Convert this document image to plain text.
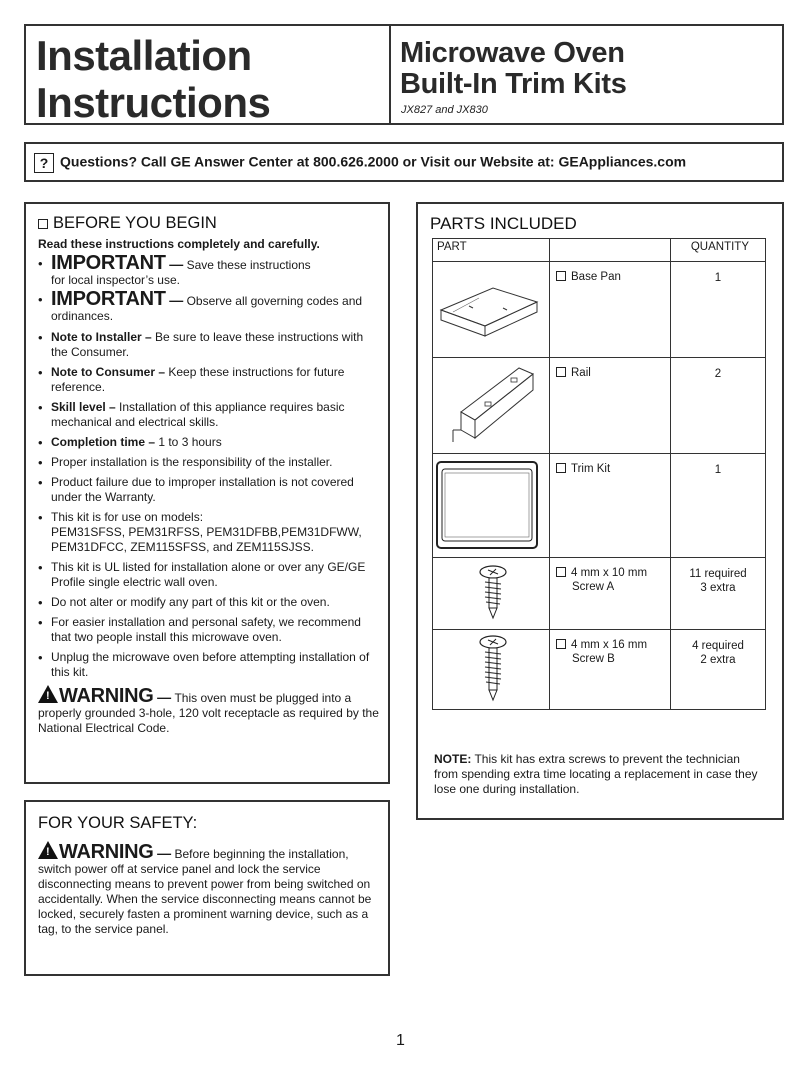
Installation
Instructions
Microwave Oven
Built-In Trim Kits
JX827 and JX830
? Questions? Call GE Answer Center at 800.626.2000 or Visit our Website at: GEAppliances.com
BEFORE YOU BEGIN
Read these instructions completely and carefully.
• IMPORTANT — Save these instructions
for local inspector’s use.
• IMPORTANT — Observe all governing codes and ordinances.
• Note to Installer – Be sure to leave these instructions with the Consumer.
• Note to Consumer – Keep these instructions for future reference.
• Skill level – Installation of this appliance requires basic mechanical and electrical skills.
• Completion time – 1 to 3 hours
• Proper installation is the responsibility of the installer.
• Product failure due to improper installation is not covered under the Warranty.
• This kit is for use on models:
PEM31SFSS, PEM31RFSS, PEM31DFBB,PEM31DFWW, PEM31DFCC, ZEM115SFSS, and ZEM115SJSS.
• This kit is UL listed for installation alone or over any GE/GE Profile single electric wall oven.
• Do not alter or modify any part of this kit or the oven.
• For easier installation and personal safety, we recommend that two people install this microwave oven.
• Unplug the microwave oven before attempting installation of this kit.
! WARNING — This oven must be plugged into a properly grounded 3-hole, 120 volt receptacle as required by the National Electrical Code.
FOR YOUR SAFETY:
! WARNING — Before beginning the installation, switch power off at service panel and lock the service disconnecting means to prevent power from being switched on accidentally. When the service disconnecting means cannot be locked, securely fasten a prominent warning device, such as a tag, to the service panel.
PARTS INCLUDED
PART		QUANTITY

Base Pan	1

Rail	2

Trim Kit	1

4 mm x 10 mm
Screw A	11 required
3 extra

4 mm x 16 mm
Screw B	4 required
2 extra
NOTE: This kit has extra screws to prevent the technician from spending extra time locating a replacement in case they lose one during installation.
1
